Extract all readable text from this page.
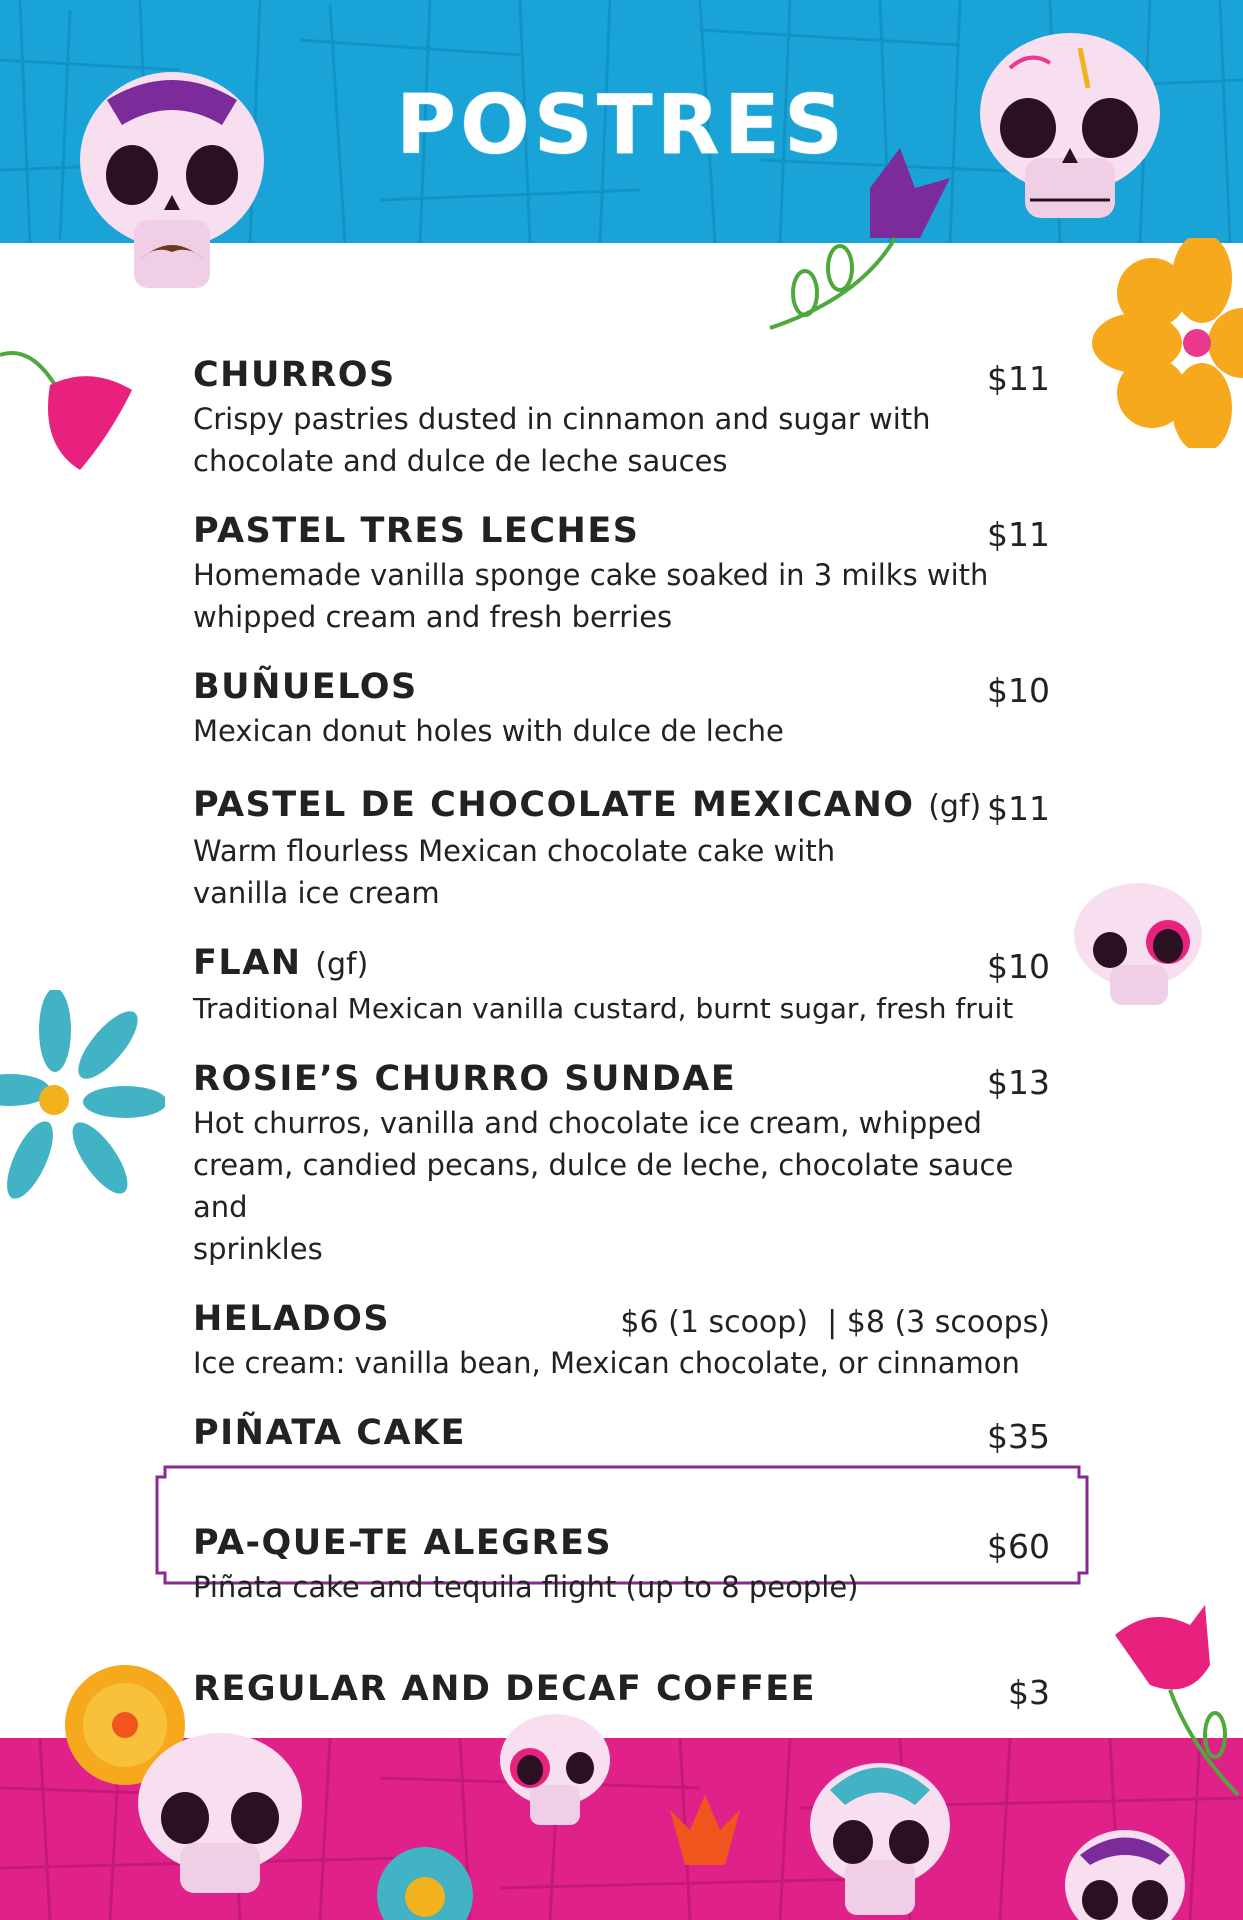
POSTRES
CHURROS	$11
Crispy pastries dusted in cinnamon and sugar with
chocolate and dulce de leche sauces
PASTEL TRES LECHES	$11
Homemade vanilla sponge cake soaked in 3 milks with
whipped cream and fresh berries
BUÑUELOS	$10
Mexican donut holes with dulce de leche
PASTEL DE CHOCOLATE MEXICANO (gf) $11
Warm flourless Mexican chocolate cake with
vanilla ice cream
FLAN (gf)	$10
Traditional Mexican vanilla custard, burnt sugar, fresh fruit
ROSIE’S CHURRO SUNDAE	$13
Hot churros, vanilla and chocolate ice cream, whipped
cream, candied pecans, dulce de leche, chocolate sauce and
sprinkles
HELADOS	$6 (1 scoop)  | $8 (3 scoops)
Ice cream: vanilla bean, Mexican chocolate, or cinnamon
PIÑATA CAKE	$35
PA-QUE-TE ALEGRES	$60
Piñata cake and tequila flight (up to 8 people)
REGULAR AND DECAF COFFEE	$3
